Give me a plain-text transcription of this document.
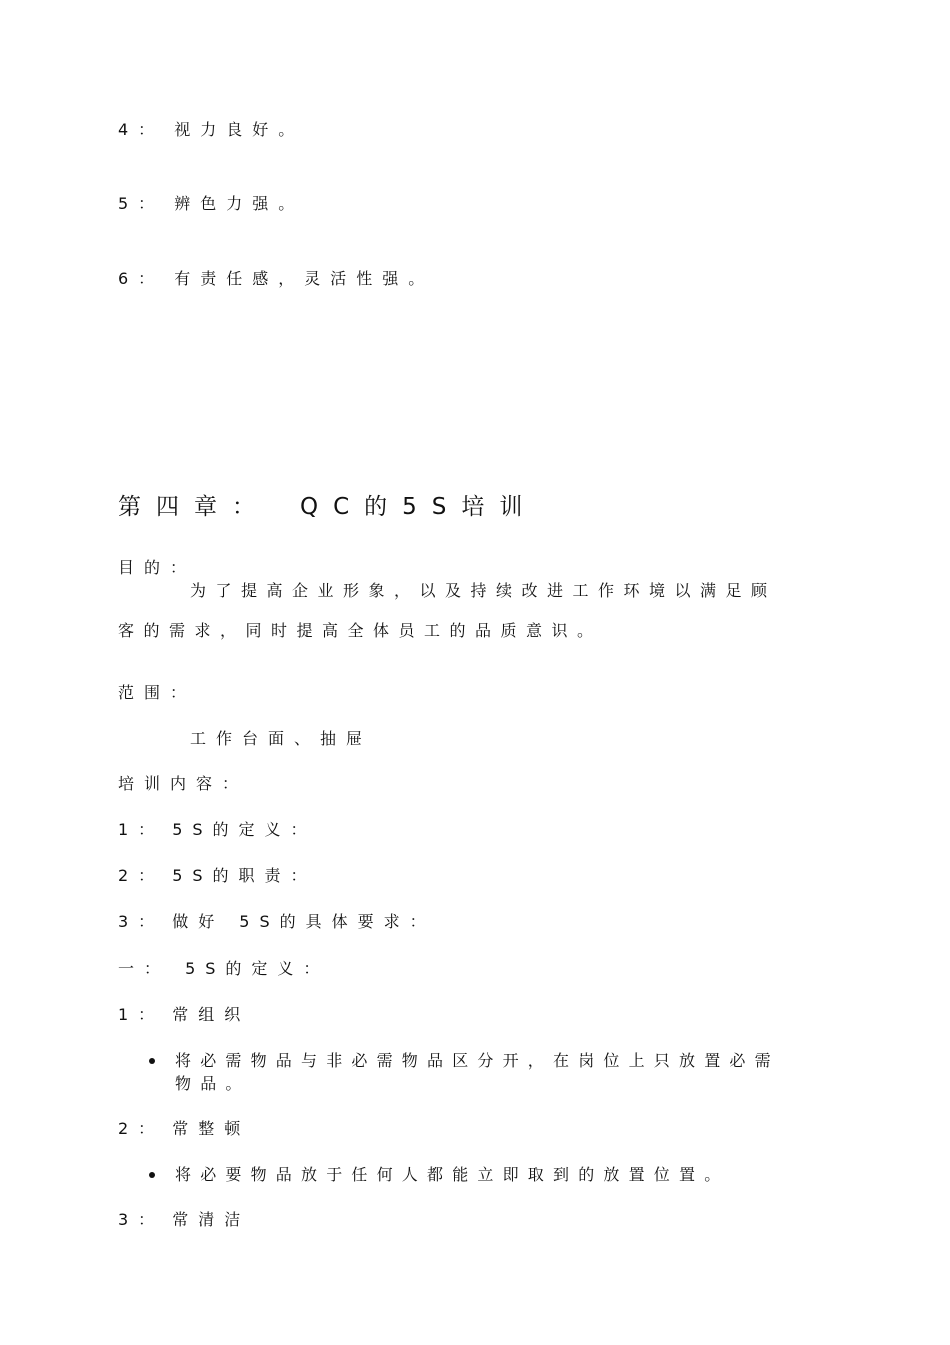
4： 视力良好。
5： 辨色力强。
6： 有责任感，灵活性强。
第四章： QC的5S培训
目的：
为了提高企业形象，以及持续改进工作环境以满足顾
客的需求，同时提高全体员工的品质意识。
范围：
工作台面、抽屉
培训内容：
1： 5S的定义：
2： 5S的职责：
3： 做好 5S的具体要求：
一： 5S的定义：
1： 常组织
将必需物品与非必需物品区分开，在岗位上只放置必需
物品。
2： 常整顿
将必要物品放于任何人都能立即取到的放置位置。
3： 常清洁
